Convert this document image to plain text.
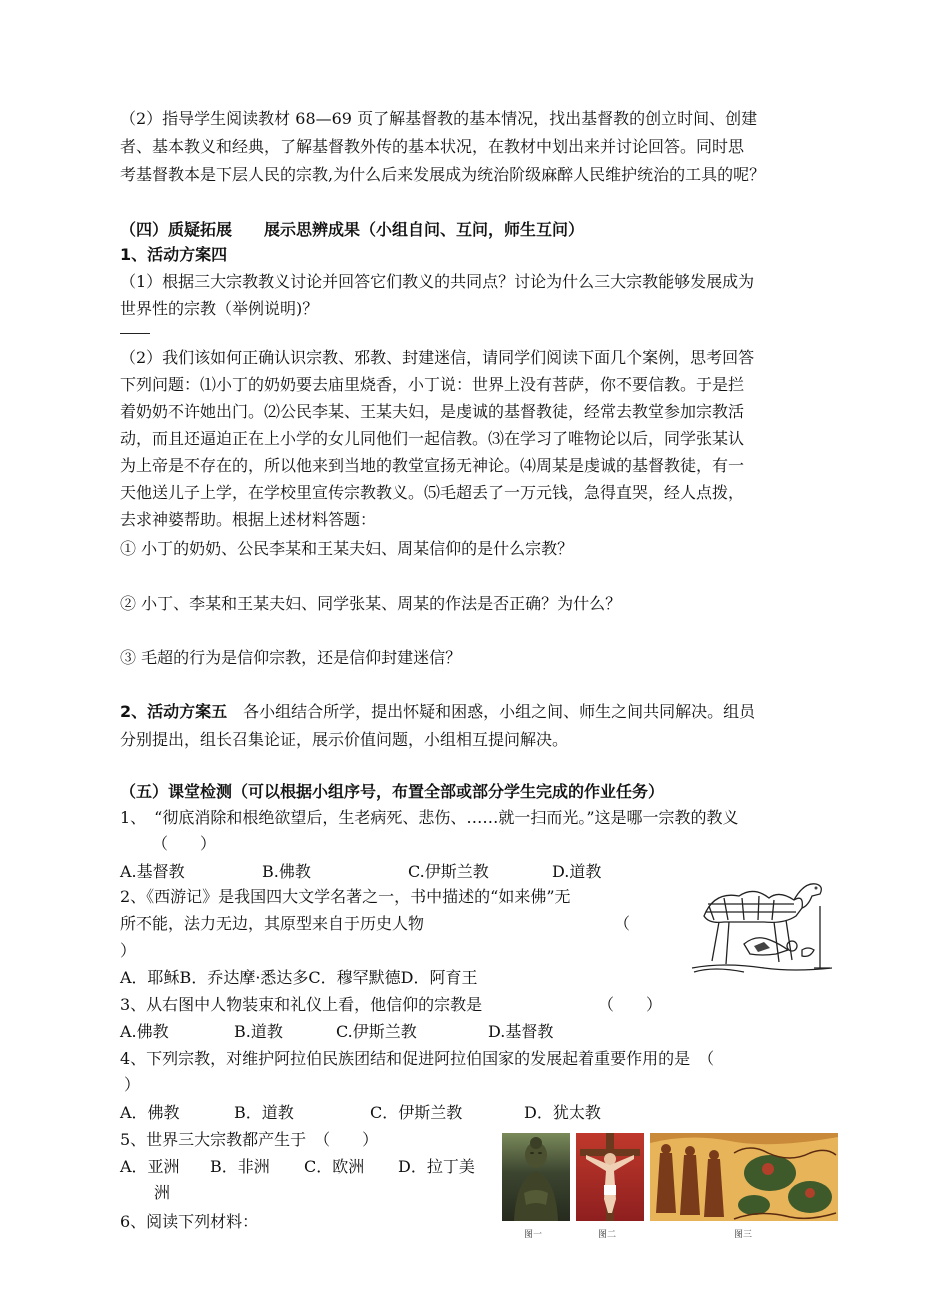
（2）指导学生阅读教材 68—69 页了解基督教的基本情况，找出基督教的创立时间、创建
者、基本教义和经典，了解基督教外传的基本状况，在教材中划出来并讨论回答。同时思
考基督教本是下层人民的宗教,为什么后来发展成为统治阶级麻醉人民维护统治的工具的呢？
（四）质疑拓展　　展示思辨成果（小组自问、互问，师生互问）
1、活动方案四
（1）根据三大宗教教义讨论并回答它们教义的共同点？讨论为什么三大宗教能够发展成为
世界性的宗教（举例说明)？
（2）我们该如何正确认识宗教、邪教、封建迷信，请同学们阅读下面几个案例，思考回答
下列问题：⑴小丁的奶奶要去庙里烧香，小丁说：世界上没有菩萨，你不要信教。于是拦
着奶奶不许她出门。⑵公民李某、王某夫妇，是虔诚的基督教徒，经常去教堂参加宗教活
动，而且还逼迫正在上小学的女儿同他们一起信教。⑶在学习了唯物论以后，同学张某认
为上帝是不存在的，所以他来到当地的教堂宣扬无神论。⑷周某是虔诚的基督教徒，有一
天他送儿子上学，在学校里宣传宗教教义。⑸毛超丢了一万元钱，急得直哭，经人点拨，
去求神婆帮助。根据上述材料答题：
① 小丁的奶奶、公民李某和王某夫妇、周某信仰的是什么宗教？
② 小丁、李某和王某夫妇、同学张某、周某的作法是否正确？为什么？
③ 毛超的行为是信仰宗教，还是信仰封建迷信？
2、活动方案五　各小组结合所学，提出怀疑和困惑，小组之间、师生之间共同解决。组员
分别提出，组长召集论证，展示价值问题，小组相互提问解决。
（五）课堂检测（可以根据小组序号，布置全部或部分学生完成的作业任务）
1、　“彻底消除和根绝欲望后，生老病死、悲伤、……就一扫而光。”这是哪一宗教的教义
（　　）
A.基督教	B.佛教	C.伊斯兰教	D.道教
2、《西游记》是我国四大文学名著之一，书中描述的“如来佛”无
所不能，法力无边，其原型来自于历史人物	（
）
A．耶稣B．乔达摩·悉达多C．穆罕默德D．阿育王
3、从右图中人物装束和礼仪上看，他信仰的宗教是	（　　）
A.佛教	B.道教	C.伊斯兰教	D.基督教
4、下列宗教，对维护阿拉伯民族团结和促进阿拉伯国家的发展起着重要作用的是　（
）
A．佛教	B．道教	C．伊斯兰教	D．犹太教
5、世界三大宗教都产生于　（　　）
A．亚洲 B．非洲 C．欧洲 D．拉丁美
洲
6、阅读下列材料：
图一	图二	图三
